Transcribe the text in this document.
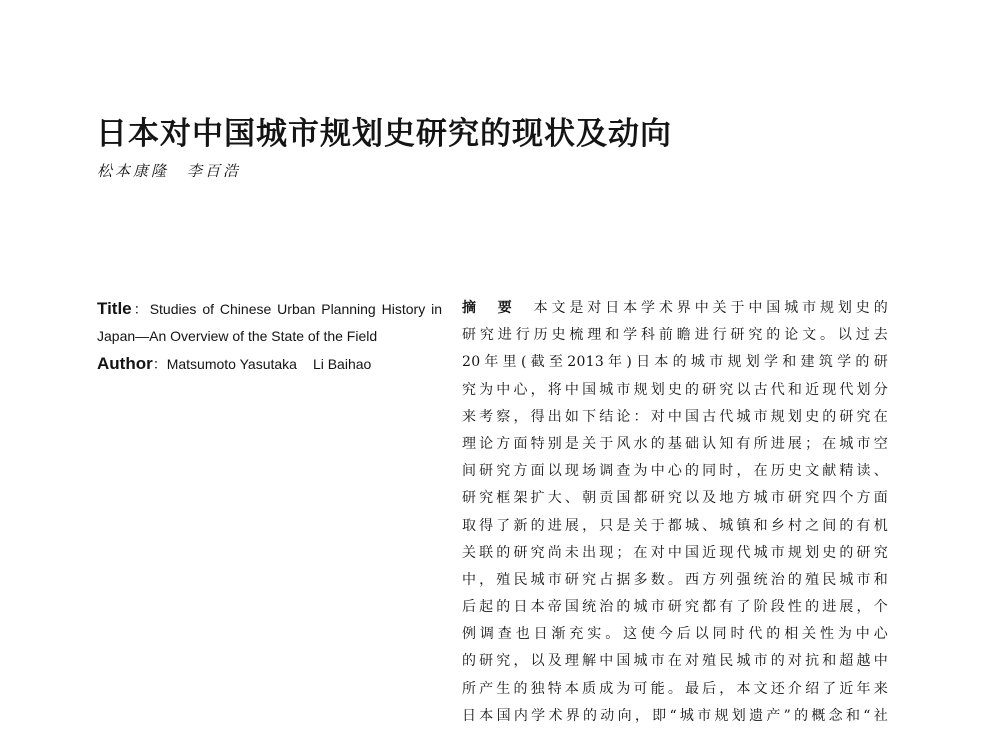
日本对中国城市规划史研究的现状及动向
松本康隆 李百浩
Title：Studies of Chinese Urban Planning History in Japan—An Overview of the State of the Field
Author：Matsumoto Yasutaka Li Baihao
摘　要　 本文是对日本学术界中关于中国城市规划史的
研究进行历史梳理和学科前瞻进行研究的论文。以过去
20年里(截至2013年)日本的城市规划学和建筑学的研
究为中心，将中国城市规划史的研究以古代和近现代划分
来考察，得出如下结论：对中国古代城市规划史的研究在
理论方面特别是关于风水的基础认知有所进展；在城市空
间研究方面以现场调查为中心的同时，在历史文献精读、
研究框架扩大、朝贡国都研究以及地方城市研究四个方面
取得了新的进展，只是关于都城、城镇和乡村之间的有机
关联的研究尚未出现；在对中国近现代城市规划史的研究
中，殖民城市研究占据多数。西方列强统治的殖民城市和
后起的日本帝国统治的城市研究都有了阶段性的进展，个
例调查也日渐充实。这使今后以同时代的相关性为中心
的研究，以及理解中国城市在对殖民城市的对抗和超越中
所产生的独特本质成为可能。最后，本文还介绍了近年来
日本国内学术界的动向，即“城市规划遗产”的概念和“社
